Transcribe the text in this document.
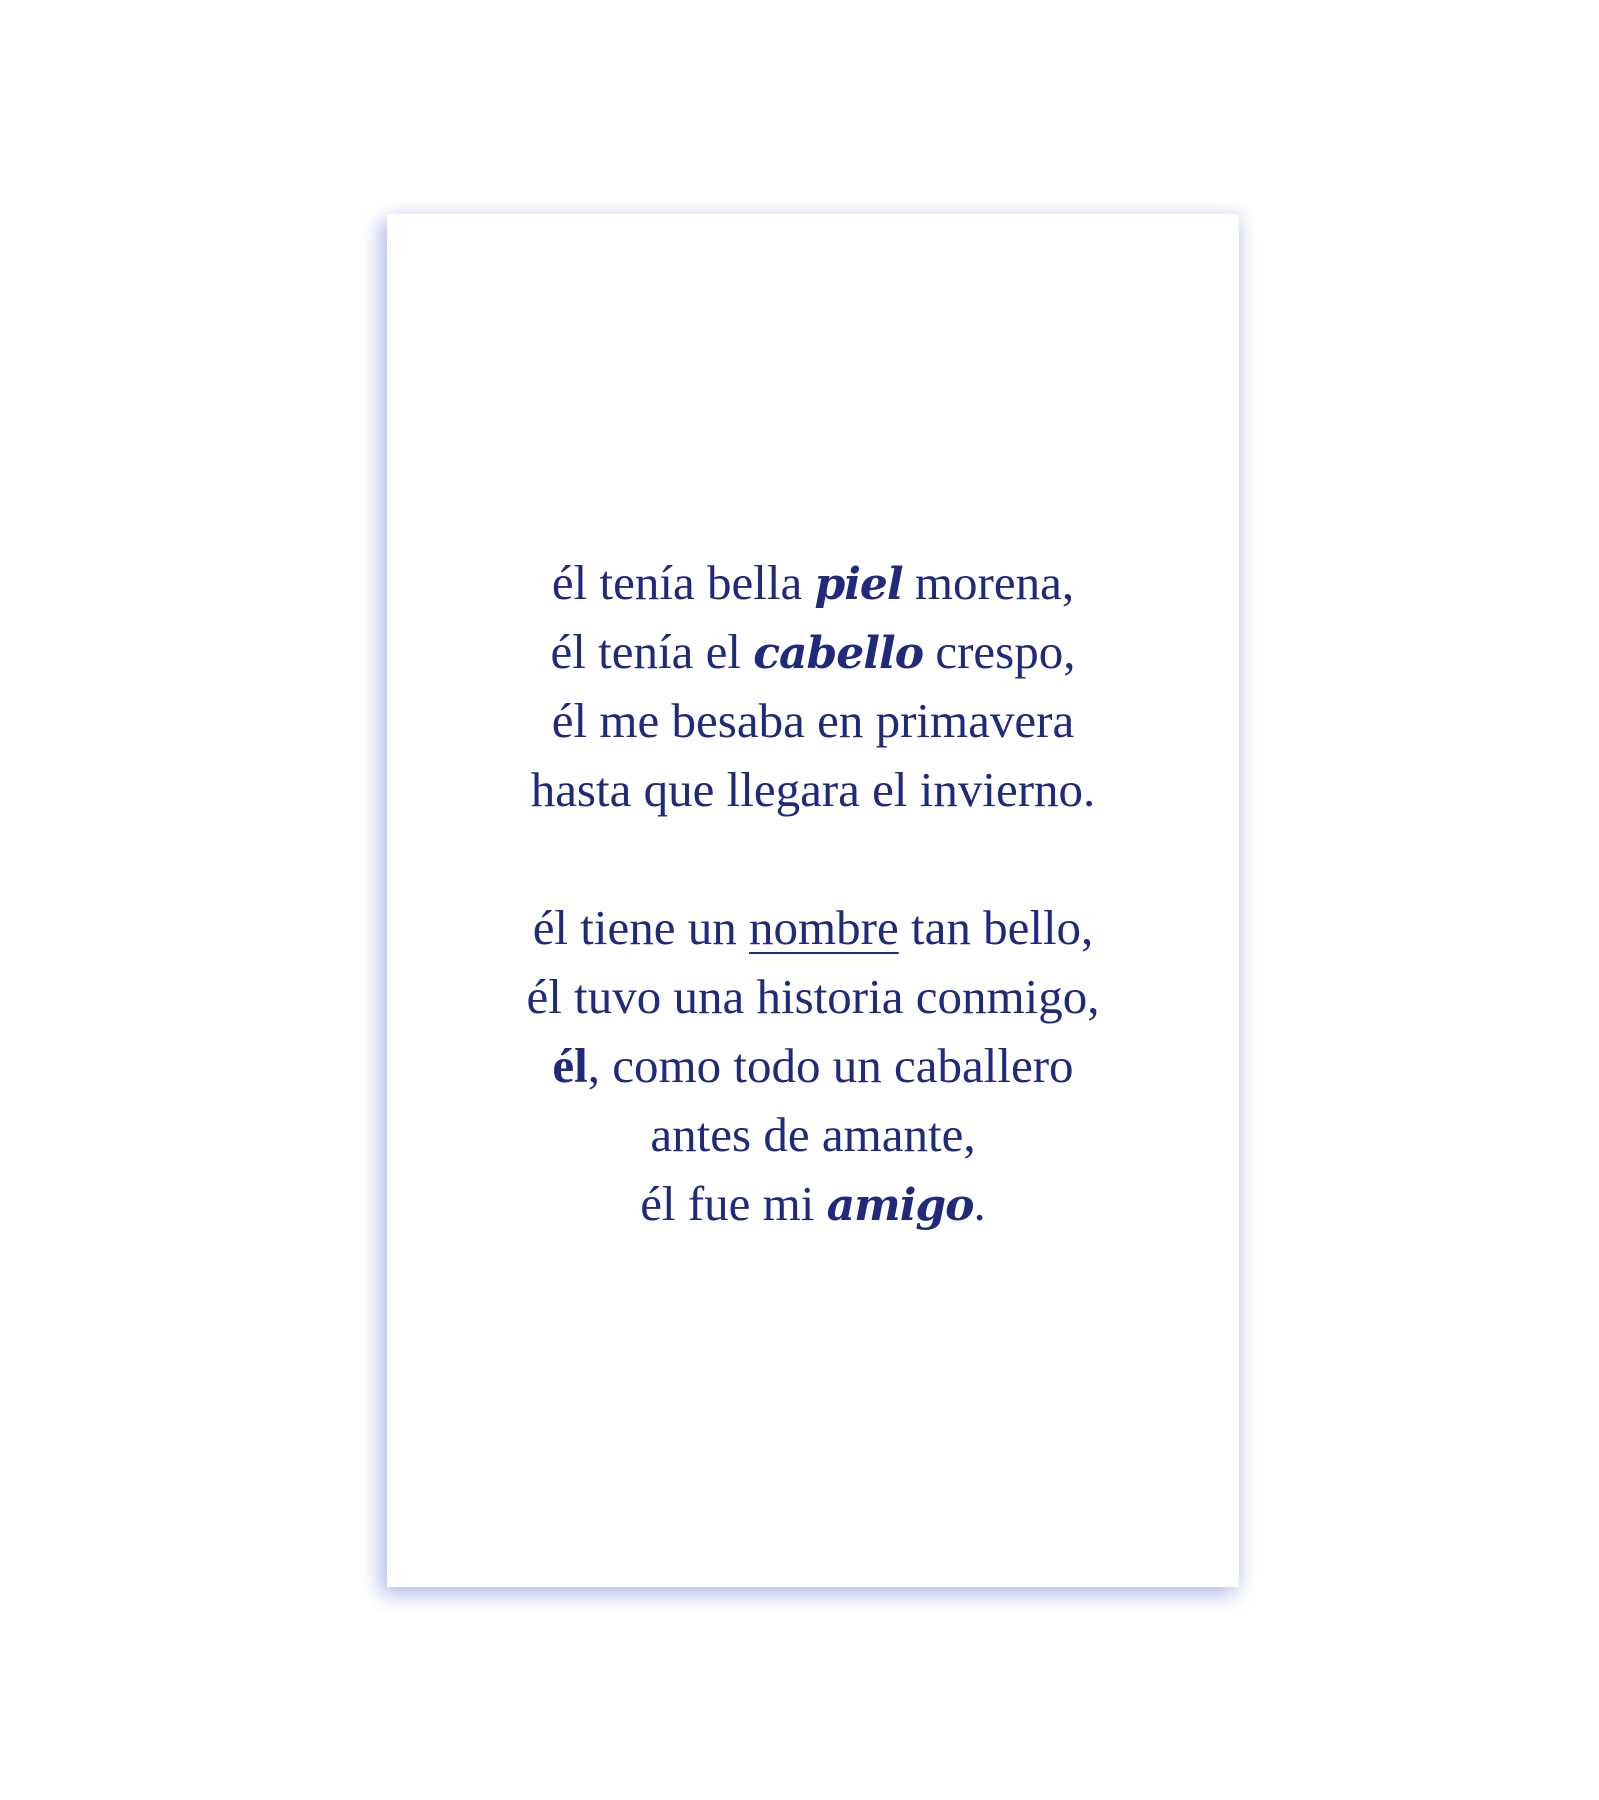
él tenía bella piel morena,
él tenía el cabello crespo,
él me besaba en primavera
hasta que llegara el invierno.
él tiene un nombre tan bello,
él tuvo una historia conmigo,
él, como todo un caballero
antes de amante,
él fue mi amigo.
